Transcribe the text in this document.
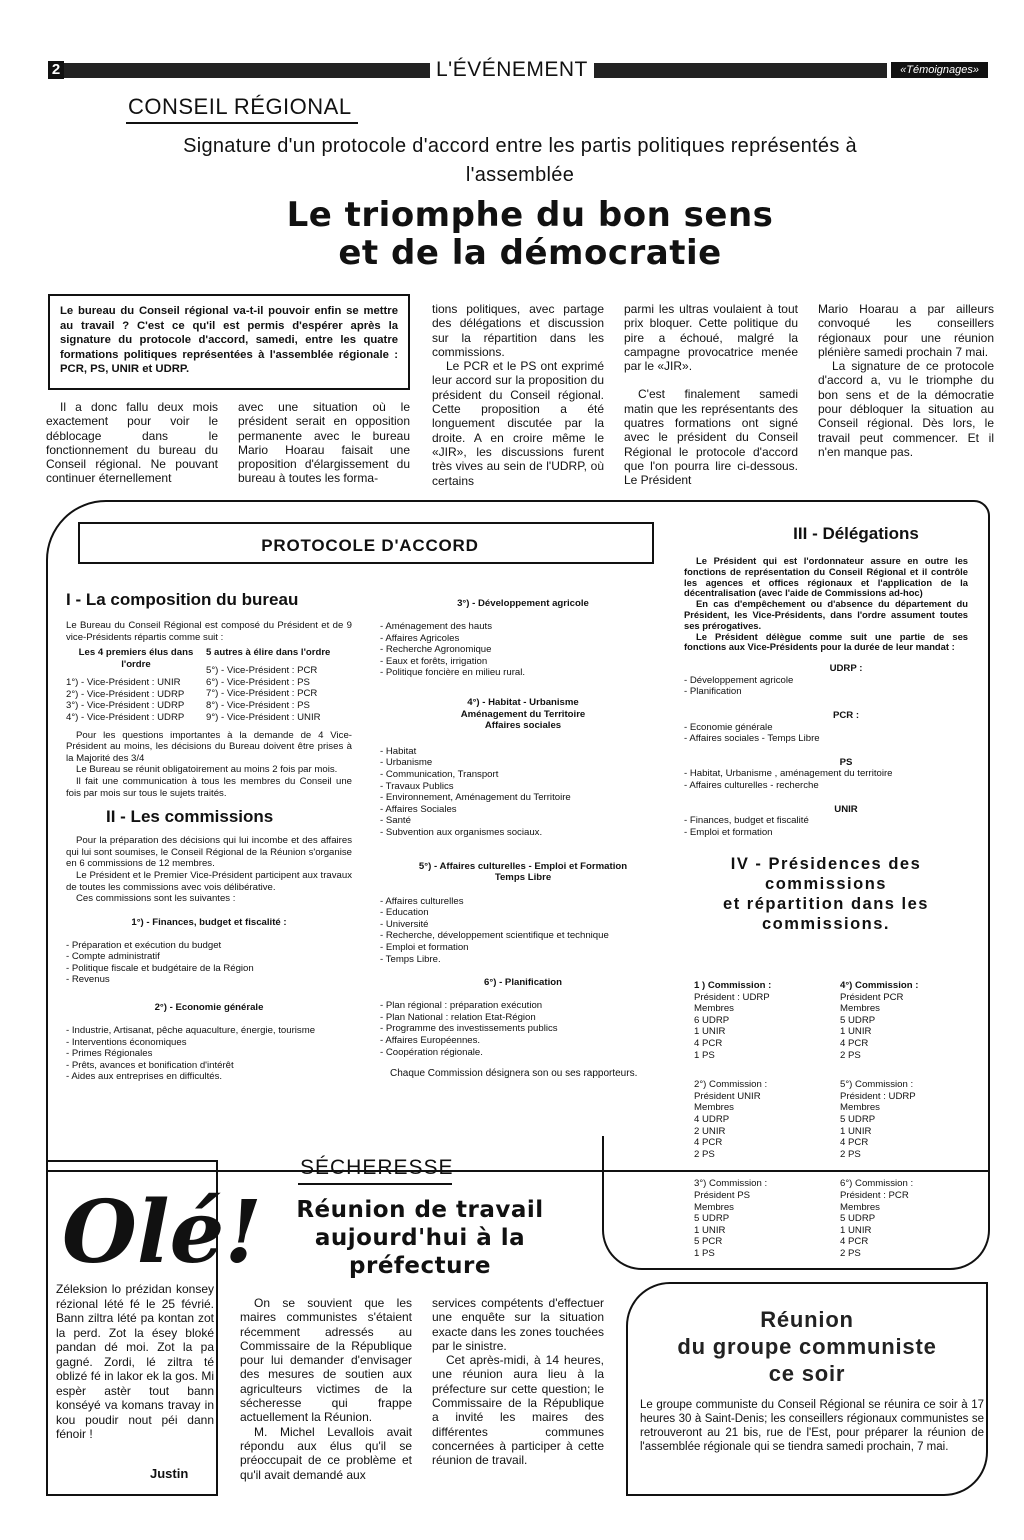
2	L'ÉVÉNEMENT	«Témoignages»
CONSEIL RÉGIONAL
Signature d'un protocole d'accord entre les partis politiques représentés à l'assemblée
Le triomphe du bon sens
et de la démocratie
Le bureau du Conseil régional va-t-il pouvoir enfin se mettre au travail ? C'est ce qu'il est permis d'espérer après la signature du protocole d'accord, samedi, entre les quatre formations politiques représentées à l'assemblée régionale : PCR, PS, UNIR et UDRP.

Il a donc fallu deux mois exactement pour voir le déblocage dans le fonctionnement du bureau du Conseil régional. Ne pouvant continuer éternellement

avec une situation où le président serait en opposition permanente avec le bureau Mario Hoarau faisait une proposition d'élargissement du bureau à toutes les forma-

tions politiques, avec partage des délégations et discussion sur la répartition dans les commissions.

Le PCR et le PS ont exprimé leur accord sur la proposition du président du Conseil régional. Cette proposition a été longuement discutée par la droite. A en croire même le «JIR», les discussions furent très vives au sein de l'UDRP, où certains

parmi les ultras voulaient à tout prix bloquer. Cette politique du pire a échoué, malgré la campagne provocatrice menée par le «JIR».

C'est finalement samedi matin que les représentants des quatres formations ont signé avec le président du Conseil Régional le protocole d'accord que l'on pourra lire ci-dessous. Le Président

Mario Hoarau a par ailleurs convoqué les conseillers régionaux pour une réunion plénière samedi prochain 7 mai.

La signature de ce protocole d'accord a, vu le triomphe du bon sens et de la démocratie pour débloquer la situation au Conseil régional. Dès lors, le travail peut commencer. Et il n'en manque pas.

PROTOCOLE D'ACCORD
I - La composition du bureau
Le Bureau du Conseil Régional est composé du Président et de 9 vice-Présidents répartis comme suit :
Les 4 premiers élus dans l'ordre
1°) - Vice-Président : UNIR
2°) - Vice-Président : UDRP
3°) - Vice-Président : UDRP
4°) - Vice-Président : UDRP
5 autres à élire dans l'ordre
5°) - Vice-Président : PCR
6°) - Vice-Président : PS
7°) - Vice-Président : PCR
8°) - Vice-Président : PS
9°) - Vice-Président : UNIR

Pour les questions importantes à la demande de 4 Vice-Président au moins, les décisions du Bureau doivent être prises à la Majorité des 3/4

Le Bureau se réunit obligatoirement au moins 2 fois par mois.

Il fait une communication à tous les membres du Conseil une fois par mois sur tous le sujets traités.

II - Les commissions

Pour la préparation des décisions qui lui incombe et des affaires qui lui sont soumises, le Conseil Régional de la Réunion s'organise en 6 commissions de 12 membres.

Le Président et le Premier Vice-Président participent aux travaux de toutes les commissions avec vois délibérative.

Ces commissions sont les suivantes :

1°) - Finances, budget et fiscalité :
- Préparation et exécution du budget
- Compte administratif
- Politique fiscale et budgétaire de la Région
- Revenus
2°) - Economie générale
- Industrie, Artisanat, pêche aquaculture, énergie, tourisme
- Interventions économiques
- Primes Régionales
- Prêts, avances et bonification d'intérêt
- Aides aux entreprises en difficultés.
3°) - Développement agricole
- Aménagement des hauts
- Affaires Agricoles
- Recherche Agronomique
- Eaux et forêts, irrigation
- Politique foncière en milieu rural.
4°) - Habitat - Urbanisme
Aménagement du Territoire
Affaires sociales
- Habitat
- Urbanisme
- Communication, Transport
- Travaux Publics
- Environnement, Aménagement du Territoire
- Affaires Sociales
- Santé
- Subvention aux organismes sociaux.
5°) - Affaires culturelles - Emploi et Formation
Temps Libre
- Affaires culturelles
- Education
- Université
- Recherche, développement scientifique et technique
- Emploi et formation
- Temps Libre.
6°) - Planification
- Plan régional : préparation exécution
- Plan National : relation Etat-Région
- Programme des investissements publics
- Affaires Européennes.
- Coopération régionale.
Chaque Commission désignera son ou ses rapporteurs.
III - Délégations

Le Président qui est l'ordonnateur assure en outre les fonctions de représentation du Conseil Régional et il contrôle les agences et offices régionaux et l'application de la décentralisation (avec l'aide de Commissions ad-hoc)

En cas d'empêchement ou d'absence du département du Président, les Vice-Présidents, dans l'ordre assument toutes ses prérogatives.

Le Président délègue comme suit une partie de ses fonctions aux Vice-Présidents pour la durée de leur mandat :

UDRP :
- Développement agricole
- Planification
PCR :
- Economie générale
- Affaires sociales - Temps Libre
PS
- Habitat, Urbanisme , aménagement du territoire
- Affaires culturelles - recherche
UNIR
- Finances, budget et fiscalité
- Emploi et formation
IV - Présidences des commissions
et répartition dans les commissions.
1 ) Commission :
Président : UDRP
Membres
6 UDRP
1 UNIR
4 PCR
1 PS
4°) Commission :
Président PCR
Membres
5 UDRP
1 UNIR
4 PCR
2 PS
2°) Commission :
Président UNIR
Membres
4 UDRP
2 UNIR
4 PCR
2 PS
5°) Commission :
Président : UDRP
Membres
5 UDRP
1 UNIR
4 PCR
2 PS
3°) Commission :
Président PS
Membres
5 UDRP
1 UNIR
5 PCR
1 PS
6°) Commission :
Président : PCR
Membres
5 UDRP
1 UNIR
4 PCR
2 PS
SÉCHERESSE
Réunion de travail aujourd'hui à la préfecture

On se souvient que les maires communistes s'étaient récemment adressés au Commissaire de la République pour lui demander d'envisager des mesures de soutien aux agriculteurs victimes de la sécheresse qui frappe actuellement la Réunion.

M. Michel Levallois avait répondu aux élus qu'il se préoccupait de ce problème et qu'il avait demandé aux

services compétents d'effectuer une enquête sur la situation exacte dans les zones touchées par le sinistre.

Cet après-midi, à 14 heures, une réunion aura lieu à la préfecture sur cette question; le Commissaire de la République a invité les maires des différentes communes concernées à participer à cette réunion de travail.

Olé!
Zéleksion lo prézidan konsey rézional lété fé le 25 févrié. Bann ziltra lété pa kontan zot la perd. Zot la ésey bloké pandan dé moi. Zot la pa gagné. Zordi, lé ziltra té oblizé fé in lakor ek la gos. Mi espèr astèr tout bann konséyé va komans travay in kou poudir nout péi dann fénoir !
Justin
Réunion
du groupe communiste
ce soir
Le groupe communiste du Conseil Régional se réunira ce soir à 17 heures 30 à Saint-Denis; les conseillers régionaux communistes se retrouveront au 21 bis, rue de l'Est, pour préparer la réunion de l'assemblée régionale qui se tiendra samedi prochain, 7 mai.
